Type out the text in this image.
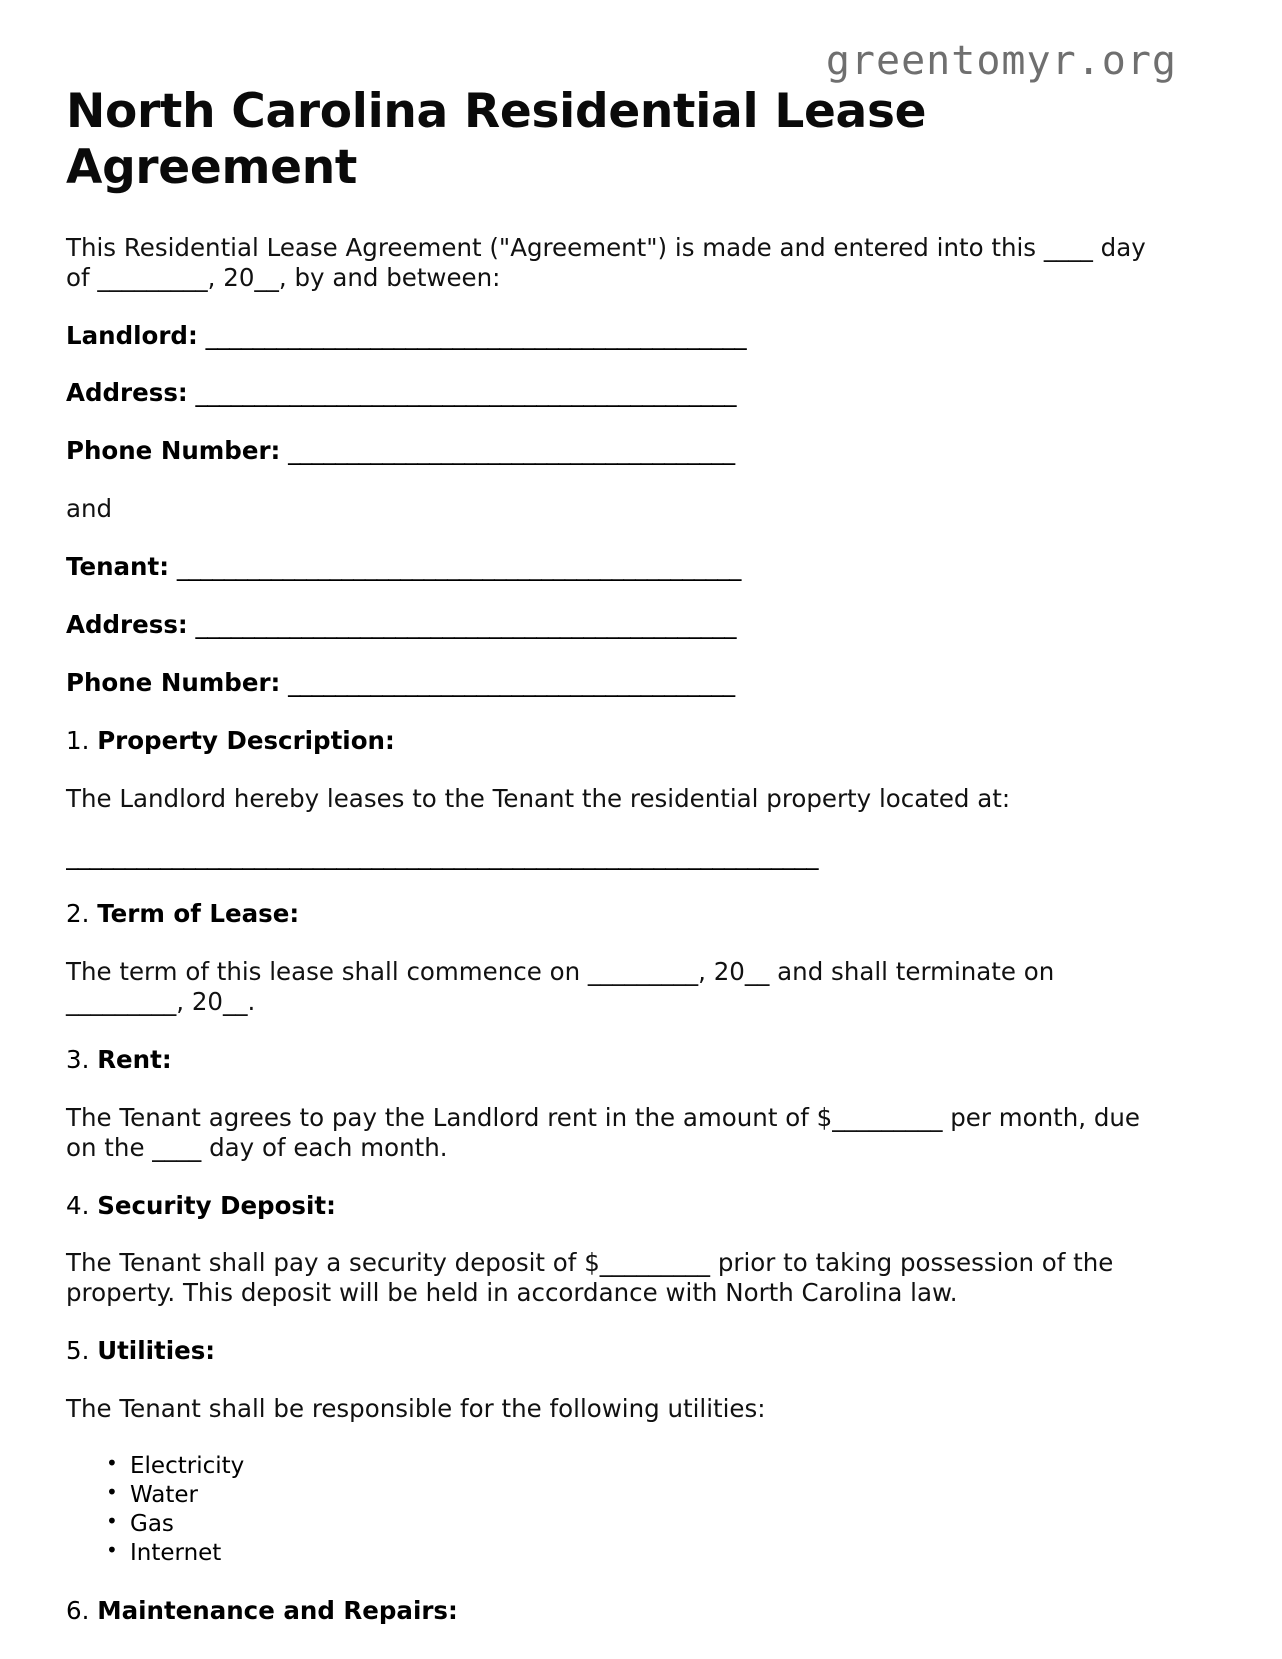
greentomyr.org
North Carolina Residential Lease Agreement

This Residential Lease Agreement ("Agreement") is made and entered into this ____ day of _________, 20__, by and between:

Landlord: ______________________________________________
Address: ______________________________________________
Phone Number: ______________________________________

and

Tenant: ________________________________________________
Address: ______________________________________________
Phone Number: ______________________________________
1. Property Description:

The Landlord hereby leases to the Tenant the residential property located at:

________________________________________________________________
2. Term of Lease:

The term of this lease shall commence on _________, 20__ and shall terminate on _________, 20__.

3. Rent:

The Tenant agrees to pay the Landlord rent in the amount of $_________ per month, due on the ____ day of each month.

4. Security Deposit:

The Tenant shall pay a security deposit of $_________ prior to taking possession of the property. This deposit will be held in accordance with North Carolina law.

5. Utilities:

The Tenant shall be responsible for the following utilities:

• Electricity
• Water
• Gas
• Internet
6. Maintenance and Repairs:
